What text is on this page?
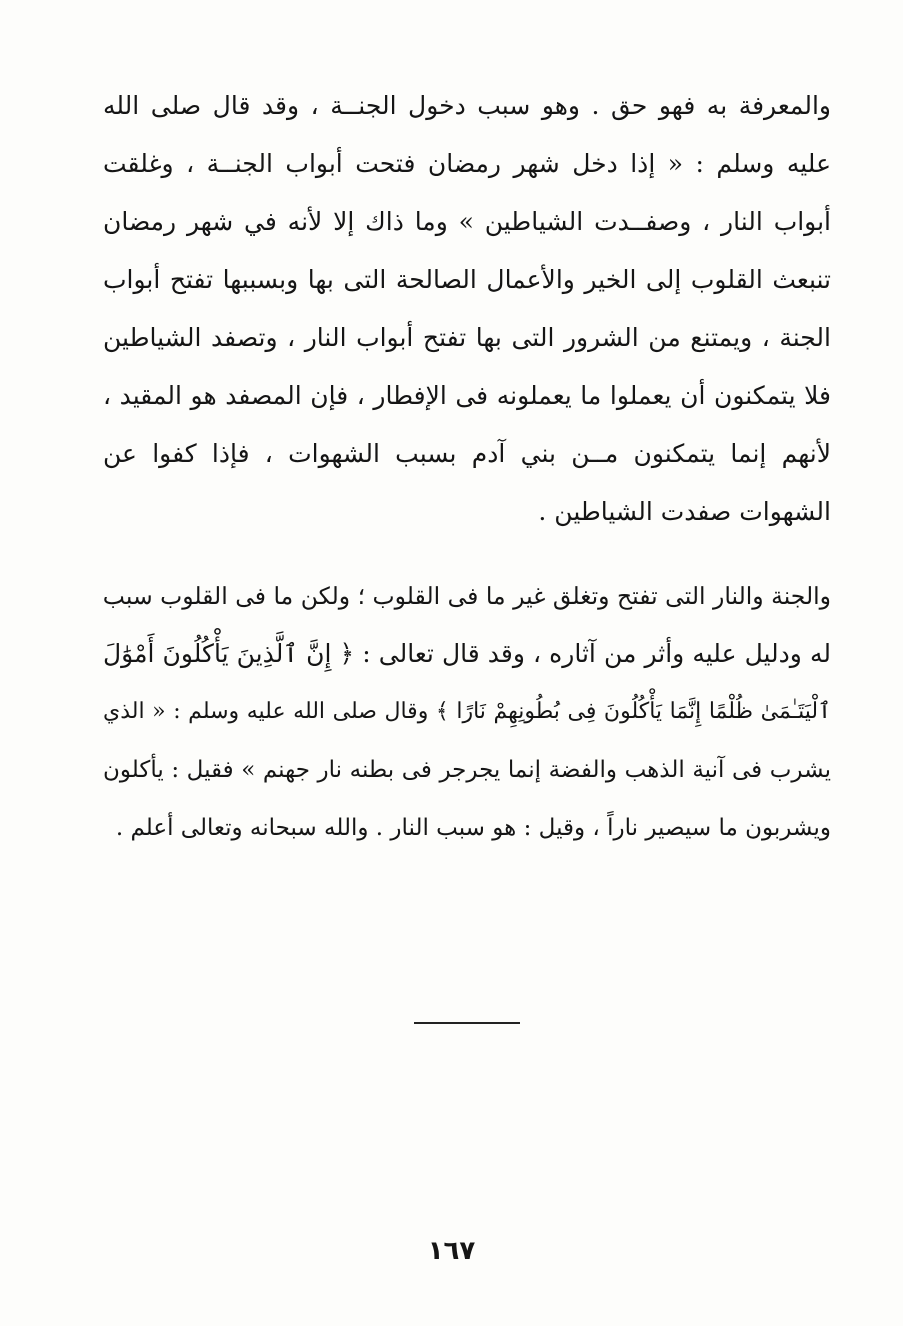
والمعرفة به فهو حق . وهو سبب دخول الجنــة ، وقد قال صلى الله
عليه وسلم : « إذا دخل شهر رمضان فتحت أبواب الجنــة ، وغلقت
أبواب النار ، وصفــدت الشياطين » وما ذاك إلا لأنه في شهر رمضان
تنبعث القلوب إلى الخير والأعمال الصالحة التى بها وبسببها تفتح أبواب
الجنة ، ويمتنع من الشرور التى بها تفتح أبواب النار ، وتصفد الشياطين
فلا يتمكنون أن يعملوا ما يعملونه فى الإفطار ، فإن المصفد هو المقيد ،
لأنهم إنما يتمكنون مــن بني آدم بسبب الشهوات ، فإذا كفوا عن
الشهوات صفدت الشياطين .
والجنة والنار التى تفتح وتغلق غير ما فى القلوب ؛ ولكن ما فى القلوب سبب
له ودليل عليه وأثر من آثاره ، وقد قال تعالى : ﴿ إِنَّ ٱلَّذِينَ يَأْكُلُونَ أَمْوَٰلَ
ٱلْيَتَـٰمَىٰ ظُلْمًا إِنَّمَا يَأْكُلُونَ فِى بُطُونِهِمْ نَارًا ﴾ وقال صلى الله عليه وسلم : « الذي
يشرب فى آنية الذهب والفضة إنما يجرجر فى بطنه نار جهنم » فقيل : يأكلون
ويشربون ما سيصير ناراً ، وقيل : هو سبب النار . والله سبحانه وتعالى أعلم .
١٦٧
